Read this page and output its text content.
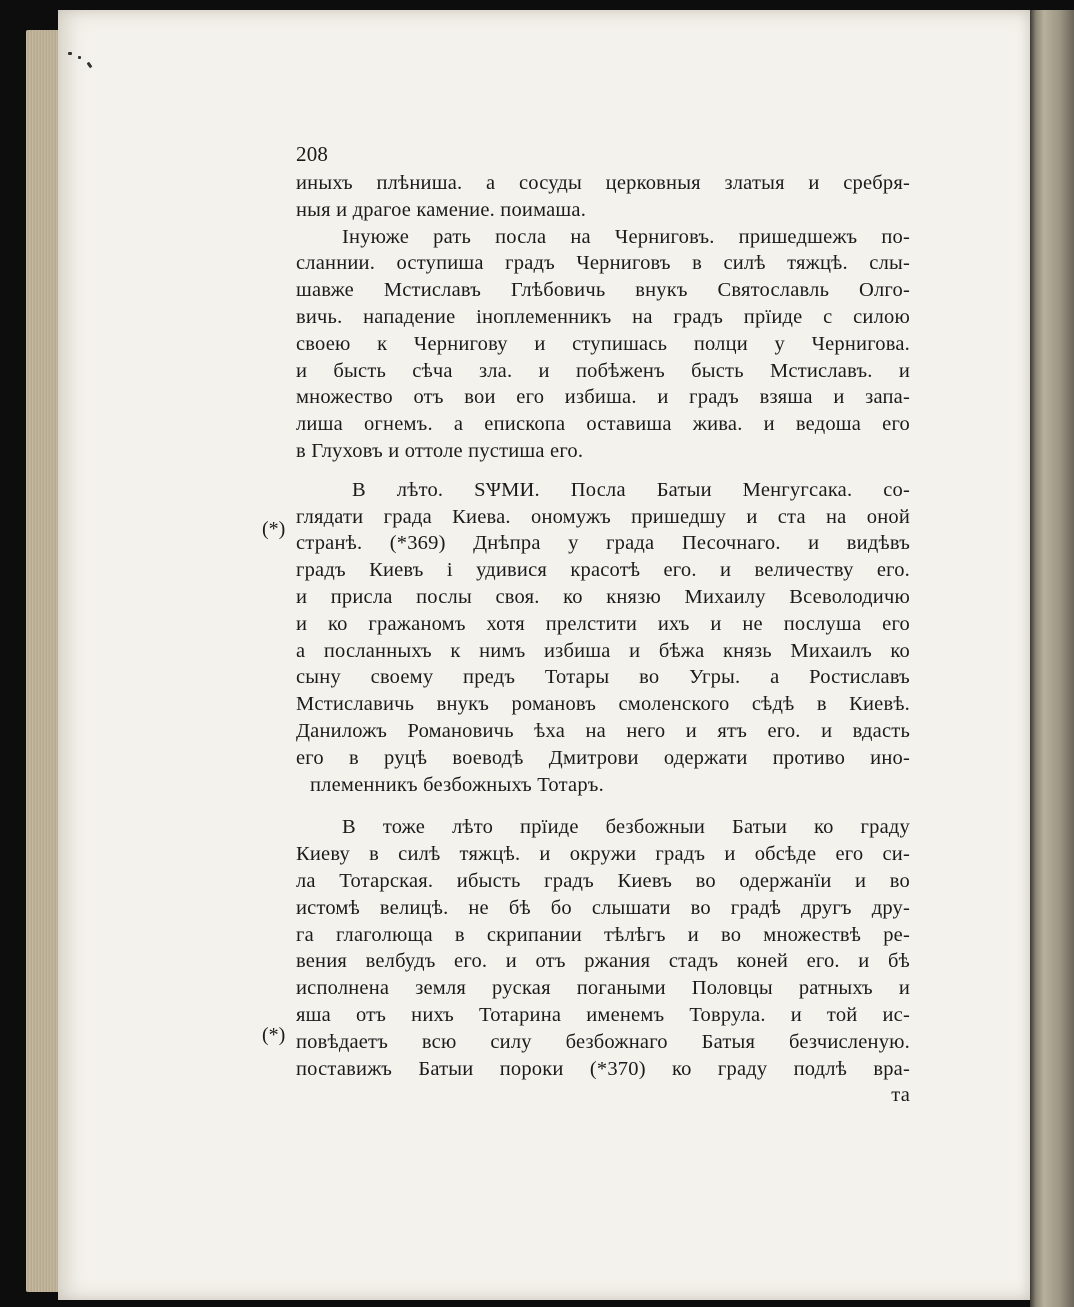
(*)
(*)
208

иныхъ плѣниша. а сосуды церковныя златыя и сребря-
ныя и драгое камение. поимаша.

Інуюже рать посла на Черниговъ. пришедшежъ по-
сланнии. оступиша градъ Черниговъ в силѣ тяжцѣ. слы-
шавже Мстиславъ Глѣбовичь внукъ Святославль Олго-
вичь. нападение іноплеменникъ на градъ прїиде с силою
своею к Чернигову и ступишась полци у Чернигова.
и бысть сѣча зла. и побѣженъ бысть Мстиславъ. и
множество отъ вои его избиша. и градъ взяша и запа-
лиша огнемъ. а епископа оставиша жива. и ведоша его
в Глуховъ и оттоле пустиша его.

В лѣто. ЅѰМИ. Посла Батыи Менгугсака. со-
глядати града Киева. ономужъ пришедшу и ста на оной
странѣ. (*369) Днѣпра у града Песочнаго. и видѣвъ
градъ Киевъ і удивися красотѣ его. и величеству его.
и присла послы своя. ко князю Михаилу Всеволодичю
и ко гражаномъ хотя прелстити ихъ и не послуша его
а посланныхъ к нимъ избиша и бѣжа князь Михаилъ ко
сыну своему предъ Тотары во Угры. а Ростиславъ
Мстиславичь внукъ романовъ смоленского сѣдѣ в Киевѣ.
Даниложъ Романовичь ѣха на него и ятъ его. и вдасть
его в руцѣ воеводѣ Дмитрови одержати противо ино-
племенникъ безбожныхъ Тотаръ.

В тоже лѣто прїиде безбожныи Батыи ко граду
Киеву в силѣ тяжцѣ. и окружи градъ и обсѣде его си-
ла Тотарская. ибысть градъ Киевъ во одержанїи и во
истомѣ велицѣ. не бѣ бо слышати во градѣ другъ дру-
га глаголюща в скрипании тѣлѣгъ и во множествѣ ре-
вения велбудъ его. и отъ ржания стадъ коней его. и бѣ
исполнена земля руская погаными Половцы ратныхъ и
яша отъ нихъ Тотарина именемъ Товрула. и той ис-
повѣдаетъ всю силу безбожнаго Батыя безчисленую.
поставижъ Батыи пороки (*370) ко граду подлѣ вра-
та
